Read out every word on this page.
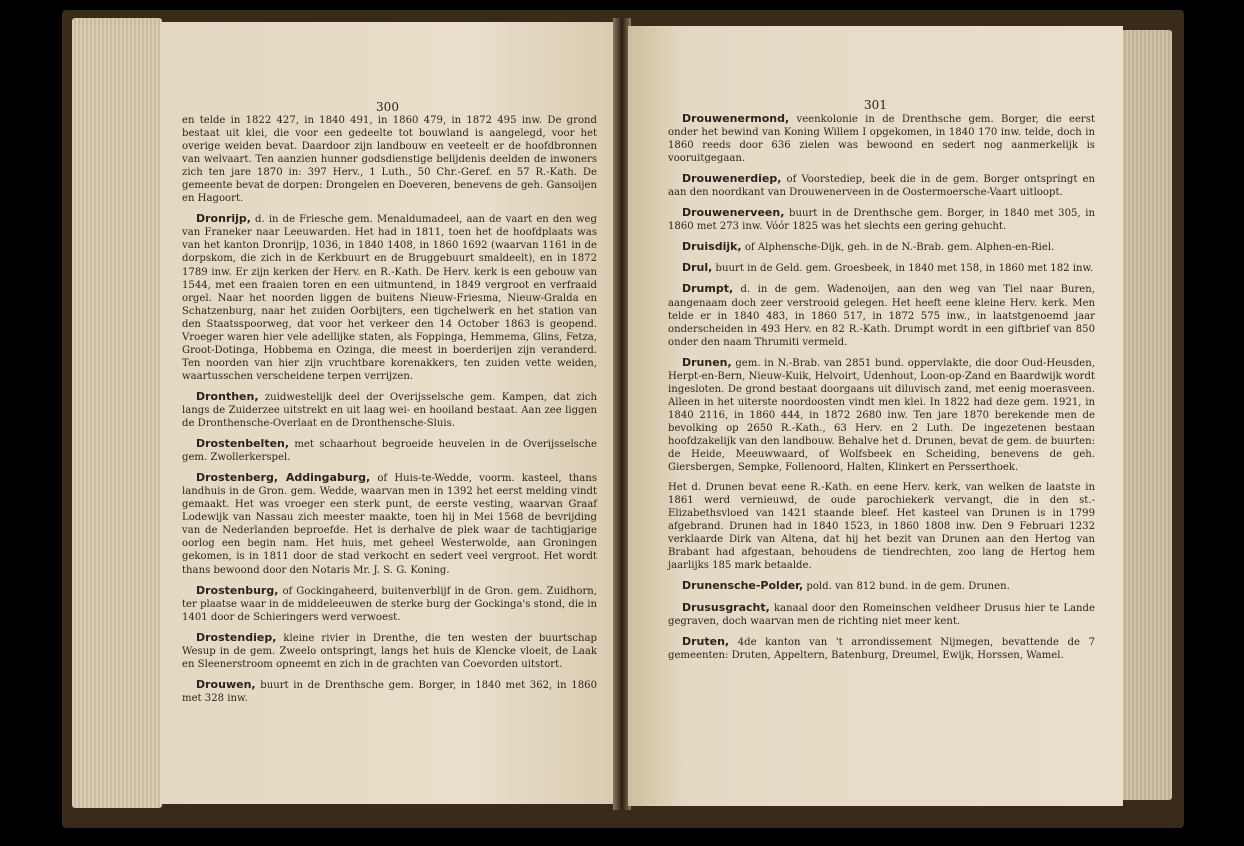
300

en telde in 1822 427, in 1840 491, in 1860 479, in 1872 495 inw. De grond bestaat uit klei, die voor een gedeelte tot bouwland is aangelegd, voor het overige weiden bevat. Daardoor zijn landbouw en veeteelt er de hoofdbronnen van welvaart. Ten aanzien hunner godsdienstige belijdenis deelden de inwoners zich ten jare 1870 in: 397 Herv., 1 Luth., 50 Chr.-Geref. en 57 R.-Kath. De gemeente bevat de dorpen: Drongelen en Doeveren, benevens de geh. Gansoijen en Hagoort.

Dronrijp, d. in de Friesche gem. Menaldumadeel, aan de vaart en den weg van Franeker naar Leeuwarden. Het had in 1811, toen het de hoofdplaats was van het kanton Dronrijp, 1036, in 1840 1408, in 1860 1692 (waarvan 1161 in de dorpskom, die zich in de Kerkbuurt en de Bruggebuurt smaldeelt), en in 1872 1789 inw. Er zijn kerken der Herv. en R.-Kath. De Herv. kerk is een gebouw van 1544, met een fraaien toren en een uitmuntend, in 1849 vergroot en verfraaid orgel. Naar het noorden liggen de buitens Nieuw-Friesma, Nieuw-Gralda en Schatzenburg, naar het zuiden Oorbijters, een tigchelwerk en het station van den Staatsspoorweg, dat voor het verkeer den 14 October 1863 is geopend. Vroeger waren hier vele adellijke staten, als Foppinga, Hemmema, Glins, Fetza, Groot-Dotinga, Hobbema en Ozinga, die meest in boerderijen zijn veranderd. Ten noorden van hier zijn vruchtbare korenakkers, ten zuiden vette weiden, waartusschen verscheidene terpen verrijzen.

Dronthen, zuidwestelijk deel der Overijsselsche gem. Kampen, dat zich langs de Zuiderzee uitstrekt en uit laag wei- en hooiland bestaat. Aan zee liggen de Dronthensche-Overlaat en de Dronthensche-Sluis.

Drostenbelten, met schaarhout begroeide heuvelen in de Overijsselsche gem. Zwollerkerspel.

Drostenberg, Addingaburg, of Huis-te-Wedde, voorm. kasteel, thans landhuis in de Gron. gem. Wedde, waarvan men in 1392 het eerst melding vindt gemaakt. Het was vroeger een sterk punt, de eerste vesting, waarvan Graaf Lodewijk van Nassau zich meester maakte, toen hij in Mei 1568 de bevrijding van de Nederlanden beproefde. Het is derhalve de plek waar de tachtigjarige oorlog een begin nam. Het huis, met geheel Westerwolde, aan Groningen gekomen, is in 1811 door de stad verkocht en sedert veel vergroot. Het wordt thans bewoond door den Notaris Mr. J. S. G. Koning.

Drostenburg, of Gockingaheerd, buitenverblijf in de Gron. gem. Zuidhorn, ter plaatse waar in de middeleeuwen de sterke burg der Gockinga's stond, die in 1401 door de Schieringers werd verwoest.

Drostendiep, kleine rivier in Drenthe, die ten westen der buurtschap Wesup in de gem. Zweelo ontspringt, langs het huis de Klencke vloeit, de Laak en Sleenerstroom opneemt en zich in de grachten van Coevorden uitstort.

Drouwen, buurt in de Drenthsche gem. Borger, in 1840 met 362, in 1860 met 328 inw.

301

Drouwenermond, veenkolonie in de Drenthsche gem. Borger, die eerst onder het bewind van Koning Willem I opgekomen, in 1840 170 inw. telde, doch in 1860 reeds door 636 zielen was bewoond en sedert nog aanmerkelijk is vooruitgegaan.

Drouwenerdiep, of Voorstediep, beek die in de gem. Borger ontspringt en aan den noordkant van Drouwenerveen in de Oostermoersche-Vaart uitloopt.

Drouwenerveen, buurt in de Drenthsche gem. Borger, in 1840 met 305, in 1860 met 273 inw. Vóór 1825 was het slechts een gering gehucht.

Druisdijk, of Alphensche-Dijk, geh. in de N.-Brab. gem. Alphen-en-Riel.

Drul, buurt in de Geld. gem. Groesbeek, in 1840 met 158, in 1860 met 182 inw.

Drumpt, d. in de gem. Wadenoijen, aan den weg van Tiel naar Buren, aangenaam doch zeer verstrooid gelegen. Het heeft eene kleine Herv. kerk. Men telde er in 1840 483, in 1860 517, in 1872 575 inw., in laatstgenoemd jaar onderscheiden in 493 Herv. en 82 R.-Kath. Drumpt wordt in een giftbrief van 850 onder den naam Thrumiti vermeld.

Drunen, gem. in N.-Brab. van 2851 bund. oppervlakte, die door Oud-Heusden, Herpt-en-Bern, Nieuw-Kuik, Helvoirt, Udenhout, Loon-op-Zand en Baardwijk wordt ingesloten. De grond bestaat doorgaans uit diluvisch zand, met eenig moerasveen. Alleen in het uiterste noordoosten vindt men klei. In 1822 had deze gem. 1921, in 1840 2116, in 1860 444, in 1872 2680 inw. Ten jare 1870 berekende men de bevolking op 2650 R.-Kath., 63 Herv. en 2 Luth. De ingezetenen bestaan hoofdzakelijk van den landbouw. Behalve het d. Drunen, bevat de gem. de buurten: de Heide, Meeuwwaard, of Wolfsbeek en Scheiding, benevens de geh. Giersbergen, Sempke, Follenoord, Halten, Klinkert en Persserthoek.

Het d. Drunen bevat eene R.-Kath. en eene Herv. kerk, van welken de laatste in 1861 werd vernieuwd, de oude parochiekerk vervangt, die in den st.-Elizabethsvloed van 1421 staande bleef. Het kasteel van Drunen is in 1799 afgebrand. Drunen had in 1840 1523, in 1860 1808 inw. Den 9 Februari 1232 verklaarde Dirk van Altena, dat hij het bezit van Drunen aan den Hertog van Brabant had afgestaan, behoudens de tiendrechten, zoo lang de Hertog hem jaarlijks 185 mark betaalde.

Drunensche-Polder, pold. van 812 bund. in de gem. Drunen.

Drususgracht, kanaal door den Romeinschen veldheer Drusus hier te Lande gegraven, doch waarvan men de richting niet meer kent.

Druten, 4de kanton van 't arrondissement Nijmegen, bevattende de 7 gemeenten: Druten, Appeltern, Batenburg, Dreumel, Ewijk, Horssen, Wamel.
